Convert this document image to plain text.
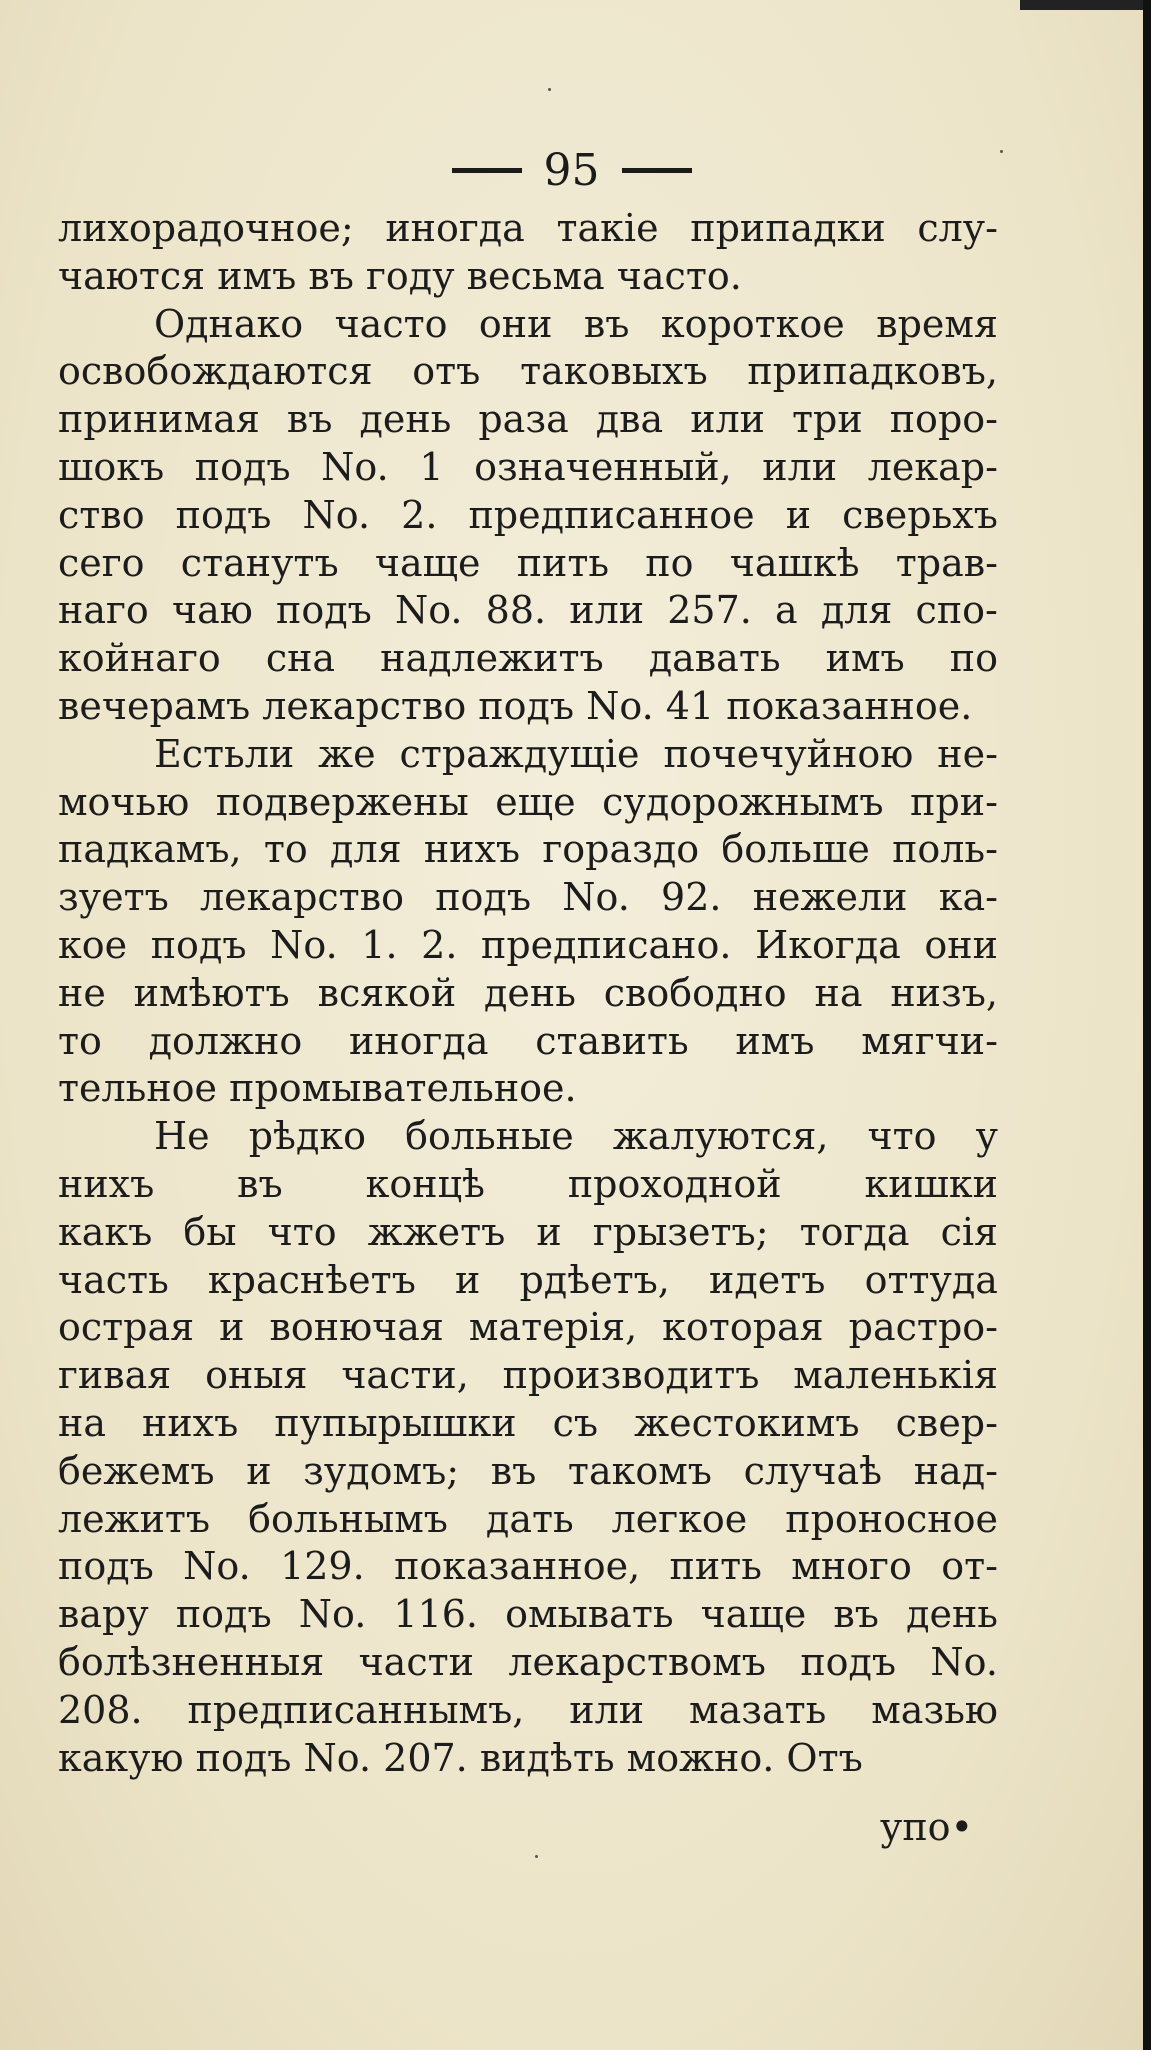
95
лихорадочное; иногда такіе припадки слу-
чаются имъ въ году весьма часто.
Однако часто они въ короткое время
освобождаются отъ таковыхъ припадковъ,
принимая въ день раза два или три поро-
шокъ подъ No. 1 означенный, или лекар-
ство подъ No. 2. предписанное и сверьхъ
сего станутъ чаще пить по чашкѣ трав-
наго чаю подъ No. 88. или 257. а для спо-
койнаго сна надлежитъ давать имъ по
вечерамъ лекарство подъ No. 41 показанное.
Естьли же страждущіе почечуйною не-
мочью подвержены еще судорожнымъ при-
падкамъ, то для нихъ гораздо больше поль-
зуетъ лекарство подъ No. 92. нежели ка-
кое подъ No. 1. 2. предписано. Икогда они
не имѣютъ всякой день свободно на низъ,
то должно иногда ставить имъ мягчи-
тельное промывательное.
Не рѣдко больные жалуются, что у
нихъ въ концѣ проходной кишки
какъ бы что жжетъ и грызетъ; тогда сія
часть краснѣетъ и рдѣетъ, идетъ оттуда
острая и вонючая матерія, которая растро-
гивая оныя части, производитъ маленькія
на нихъ пупырышки съ жестокимъ свер-
бежемъ и зудомъ; въ такомъ случаѣ над-
лежитъ больнымъ дать легкое проносное
подъ No. 129. показанное, пить много от-
вару подъ No. 116. омывать чаще въ день
болѣзненныя части лекарствомъ подъ No.
208. предписаннымъ, или мазать мазью
какую подъ No. 207. видѣть можно. Отъ
упо•
